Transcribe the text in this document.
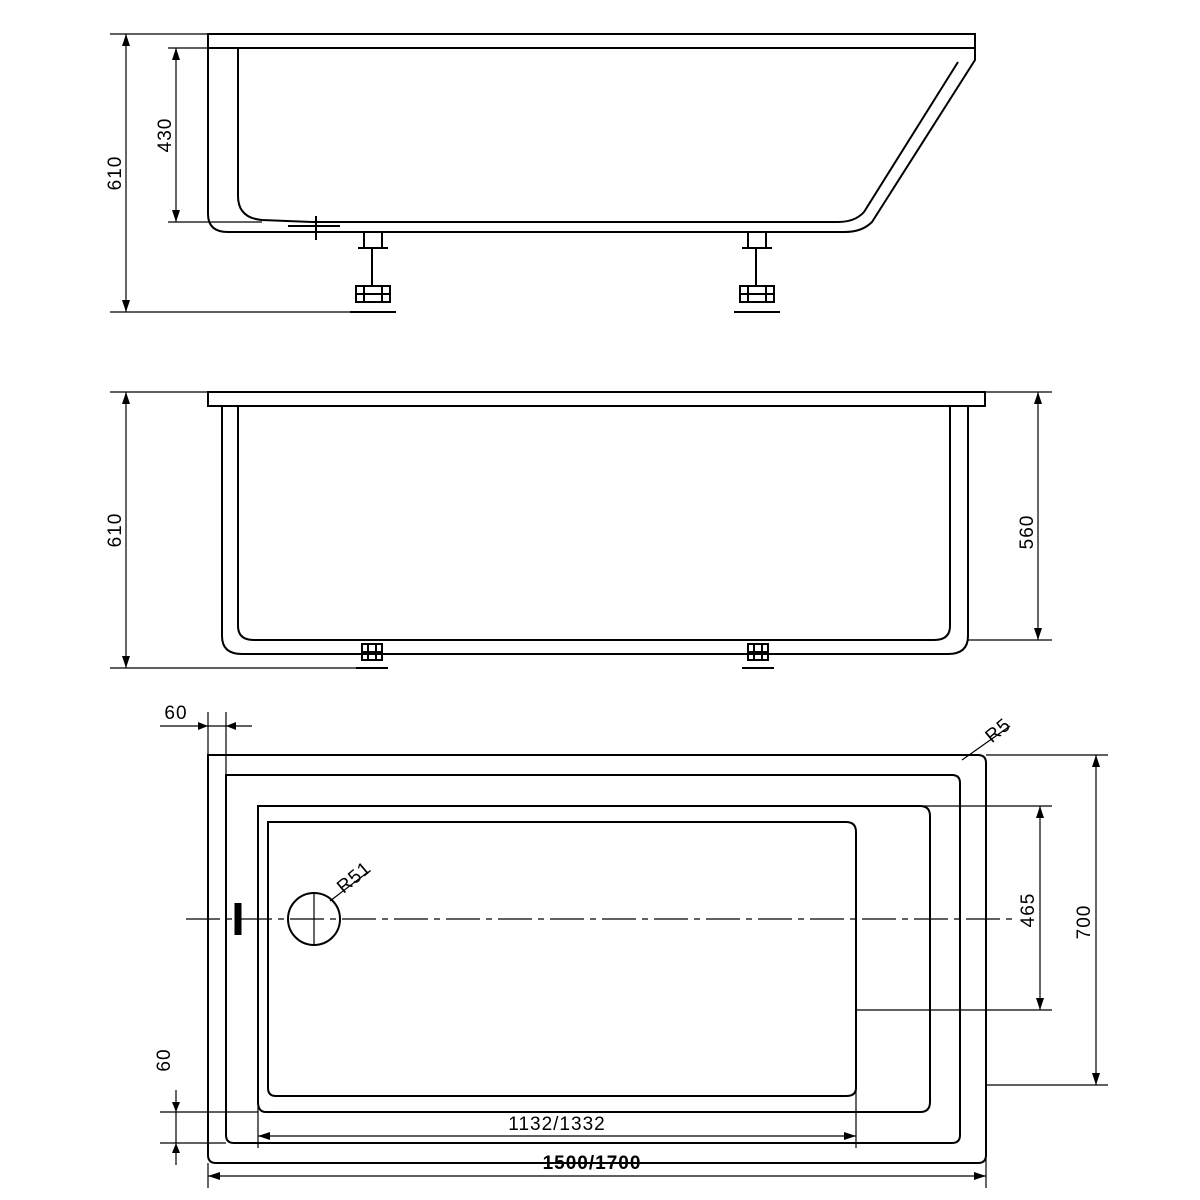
610
430
610	560
60
60
R5
R51
465 700
1132/1332
1500/1700
